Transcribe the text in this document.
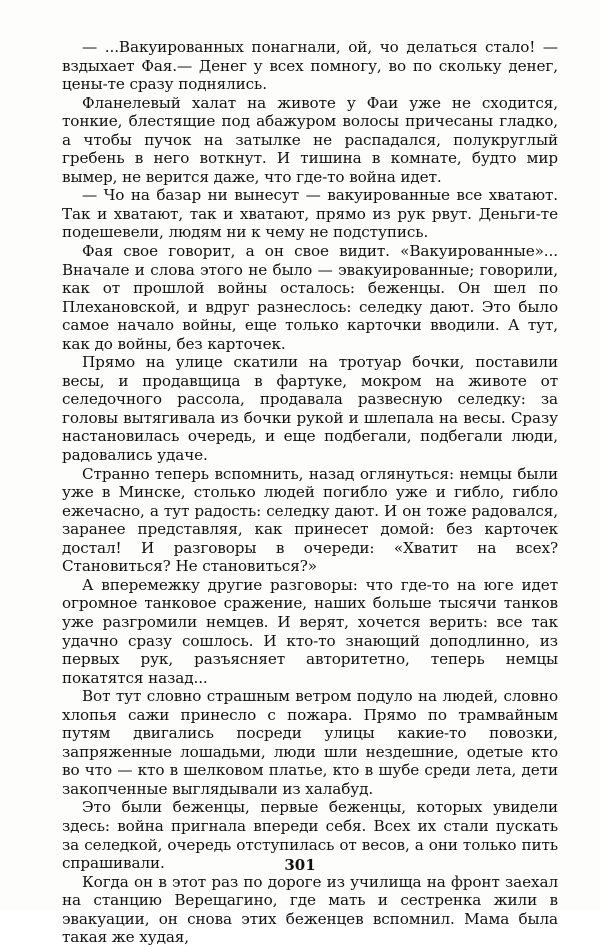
— ...Вакуированных понагнали, ой, чо делаться стало! — вздыхает Фая.— Денег у всех помногу, во по скольку денег, цены-те сразу поднялись.

Фланелевый халат на животе у Фаи уже не сходится, тонкие, блестящие под абажуром волосы причесаны гладко, а чтобы пучок на затылке не распадался, полукруглый гребень в него воткнут. И тишина в комнате, будто мир вымер, не верится даже, что где-то война идет.

— Чо на базар ни вынесут — вакуированные все хватают. Так и хватают, так и хватают, прямо из рук рвут. Деньги-те подешевели, людям ни к чему не подступись.

Фая свое говорит, а он свое видит. «Вакуированные»... Вначале и слова этого не было — эвакуированные; говорили, как от прошлой войны осталось: беженцы. Он шел по Плехановской, и вдруг разнеслось: селедку дают. Это было самое начало войны, еще только карточки вводили. А тут, как до войны, без карточек.

Прямо на улице скатили на тротуар бочки, поставили весы, и продавщица в фартуке, мокром на животе от селедочного рассола, продавала развесную селедку: за головы вытягивала из бочки рукой и шлепала на весы. Сразу настановилась очередь, и еще подбегали, подбегали люди, радовались удаче.

Странно теперь вспомнить, назад оглянуться: немцы были уже в Минске, столько людей погибло уже и гибло, гибло ежечасно, а тут радость: селедку дают. И он тоже радовался, заранее представляя, как принесет домой: без карточек достал! И разговоры в очереди: «Хватит на всех? Становиться? Не становиться?»

А вперемежку другие разговоры: что где-то на юге идет огромное танковое сражение, наших больше тысячи танков уже разгромили немцев. И верят, хочется верить: все так удачно сразу сошлось. И кто-то знающий доподлинно, из первых рук, разъясняет авторитетно, теперь немцы покатятся назад...

Вот тут словно страшным ветром подуло на людей, словно хлопья сажи принесло с пожара. Прямо по трамвайным путям двигались посреди улицы какие-то повозки, запряженные лошадьми, люди шли нездешние, одетые кто во что — кто в шелковом платье, кто в шубе среди лета, дети закопченные выглядывали из халабуд.

Это были беженцы, первые беженцы, которых увидели здесь: война пригнала впереди себя. Всех их стали пускать за селедкой, очередь отступилась от весов, а они только пить спрашивали.

Когда он в этот раз по дороге из училища на фронт заехал на станцию Верещагино, где мать и сестренка жили в эвакуации, он снова этих беженцев вспомнил. Мама была такая же худая,

301
